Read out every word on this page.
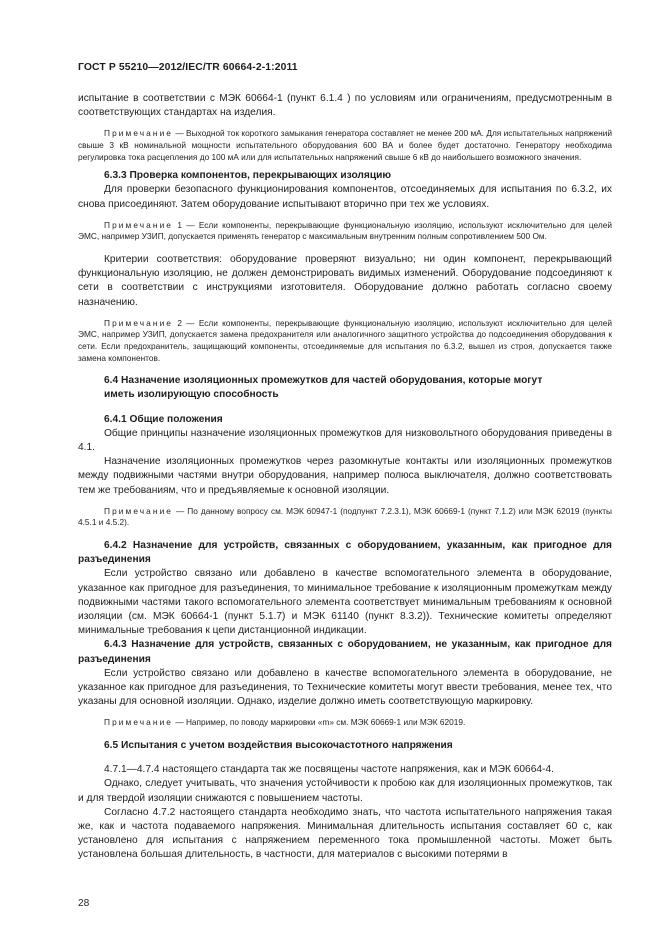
ГОСТ Р 55210—2012/IEC/TR 60664-2-1:2011

испытание в соответствии с МЭК 60664-1 (пункт 6.1.4 ) по условиям или ограничениям, предусмотренным в соответствующих стандартах на изделия.

Примечание — Выходной ток короткого замыкания генератора составляет не менее 200 мА. Для испытательных напряжений свыше 3 кВ номинальной мощности испытательного оборудования 600 ВА и более будет достаточно. Генератору необходима регулировка тока расцепления до 100 мА или для испытательных напряжений свыше 6 кВ до наибольшего возможного значения.

6.3.3 Проверка компонентов, перекрывающих изоляцию

Для проверки безопасного функционирования компонентов, отсоединяемых для испытания по 6.3.2, их снова присоединяют. Затем оборудование испытывают вторично при тех же условиях.

Примечание 1 — Если компоненты, перекрывающие функциональную изоляцию, используют исключительно для целей ЭМС, например УЗИП, допускается применять генератор с максимальным внутренним полным сопротивлением 500 Ом.

Критерии соответствия: оборудование проверяют визуально; ни один компонент, перекрывающий функциональную изоляцию, не должен демонстрировать видимых изменений. Оборудование подсоединяют к сети в соответствии с инструкциями изготовителя. Оборудование должно работать согласно своему назначению.

Примечание 2 — Если компоненты, перекрывающие функциональную изоляцию, используют исключительно для целей ЭМС, например УЗИП, допускается замена предохранителя или аналогичного защитного устройства до подсоединения оборудования к сети. Если предохранитель, защищающий компоненты, отсоединяемые для испытания по 6.3.2, вышел из строя, допускается также замена компонентов.

6.4 Назначение изоляционных промежутков для частей оборудования, которые могут
иметь изолирующую способность

6.4.1 Общие положения

Общие принципы назначение изоляционных промежутков для низковольтного оборудования приведены в 4.1.

Назначение изоляционных промежутков через разомкнутые контакты или изоляционных промежутков между подвижными частями внутри оборудования, например полюса выключателя, должно соответствовать тем же требованиям, что и предъявляемые к основной изоляции.

Примечание — По данному вопросу см. МЭК 60947-1 (подпункт 7.2.3.1), МЭК 60669-1 (пункт 7.1.2) или МЭК 62019 (пункты 4.5.1 и 4.5.2).

6.4.2 Назначение для устройств, связанных с оборудованием, указанным, как пригодное для разъединения

Если устройство связано или добавлено в качестве вспомогательного элемента в оборудование, указанное как пригодное для разъединения, то минимальное требование к изоляционным промежуткам между подвижными частями такого вспомогательного элемента соответствует минимальным требованиям к основной изоляции (см. МЭК 60664-1 (пункт 5.1.7) и МЭК 61140 (пункт 8.3.2)). Технические комитеты определяют минимальные требования к цепи дистанционной индикации.

6.4.3 Назначение для устройств, связанных с оборудованием, не указанным, как пригодное для разъединения

Если устройство связано или добавлено в качестве вспомогательного элемента в оборудование, не указанное как пригодное для разъединения, то Технические комитеты могут ввести требования, менее тех, что указаны для основной изоляции. Однако, изделие должно иметь соответствующую маркировку.

Примечание — Например, по поводу маркировки «m» см. МЭК 60669-1 или МЭК 62019.

6.5 Испытания с учетом воздействия высокочастотного напряжения

4.7.1—4.7.4 настоящего стандарта так же посвящены частоте напряжения, как и МЭК 60664-4.

Однако, следует учитывать, что значения устойчивости к пробою как для изоляционных промежутков, так и для твердой изоляции снижаются с повышением частоты.

Согласно 4.7.2 настоящего стандарта необходимо знать, что частота испытательного напряжения такая же, как и частота подаваемого напряжения. Минимальная длительность испытания составляет 60 с, как установлено для испытания с напряжением переменного тока промышленной частоты. Может быть установлена большая длительность, в частности, для материалов с высокими потерями в

28
